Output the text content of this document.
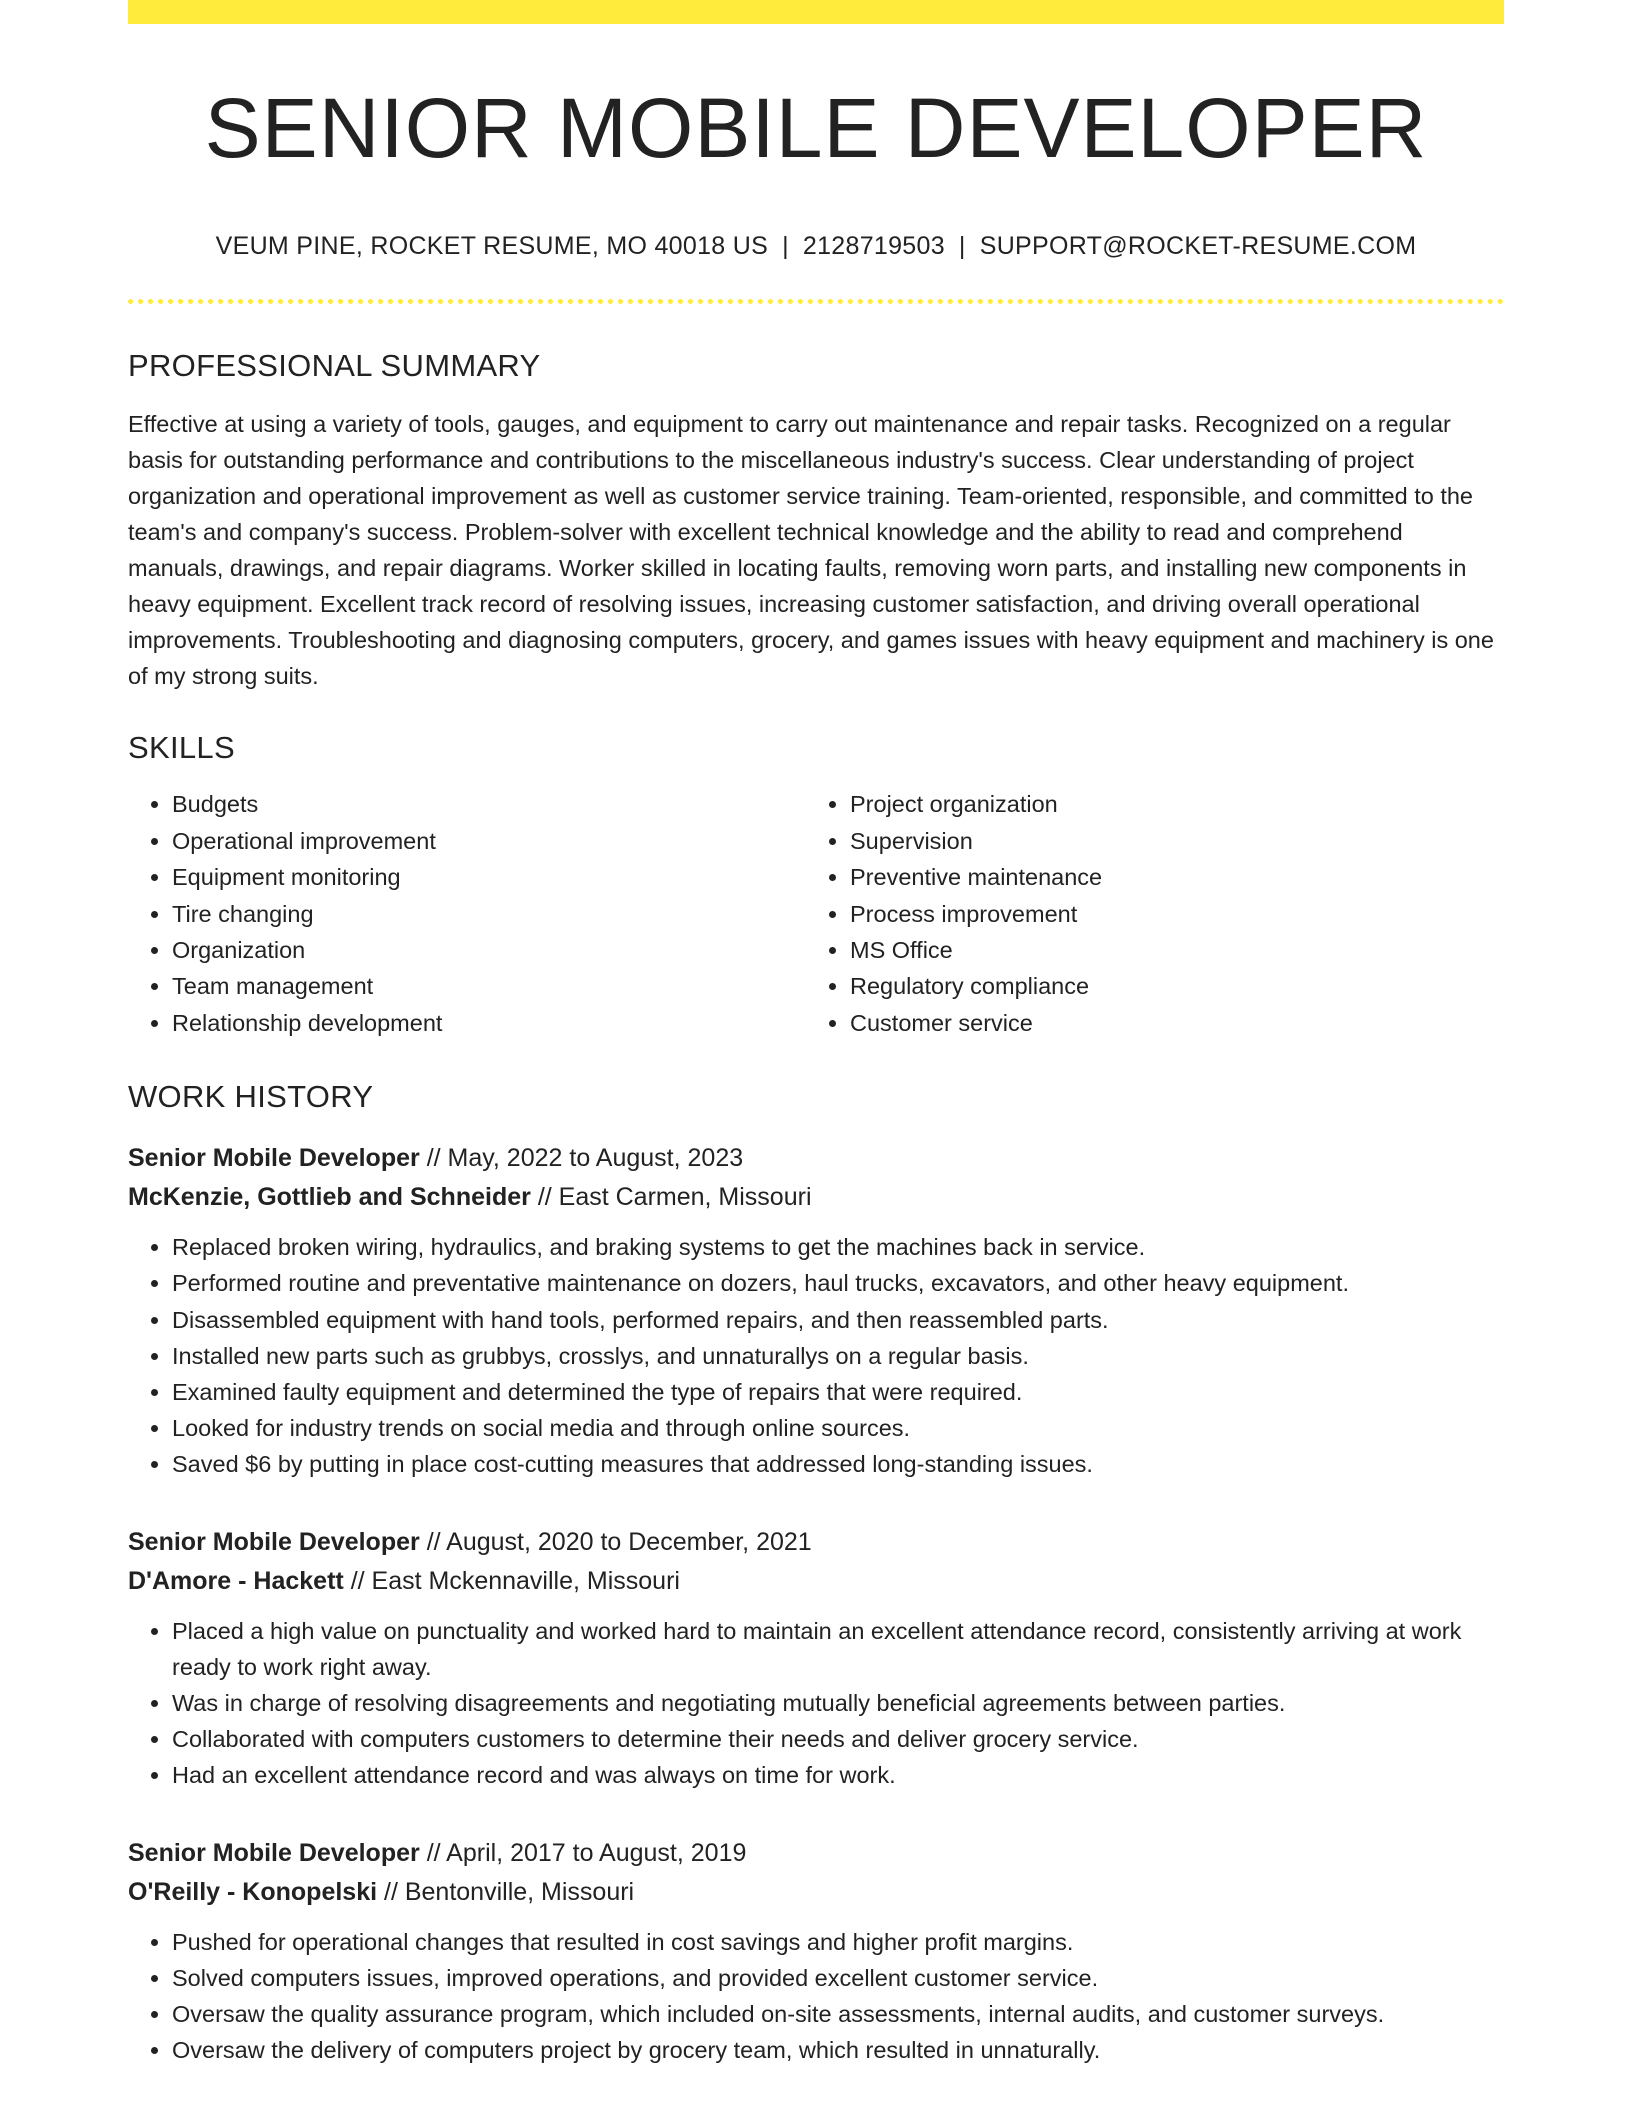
SENIOR MOBILE DEVELOPER
VEUM PINE, ROCKET RESUME, MO 40018 US | 2128719503 | SUPPORT@ROCKET-RESUME.COM
PROFESSIONAL SUMMARY

Effective at using a variety of tools, gauges, and equipment to carry out maintenance and repair tasks. Recognized on a regular basis for outstanding performance and contributions to the miscellaneous industry's success. Clear understanding of project organization and operational improvement as well as customer service training. Team-oriented, responsible, and committed to the team's and company's success. Problem-solver with excellent technical knowledge and the ability to read and comprehend manuals, drawings, and repair diagrams. Worker skilled in locating faults, removing worn parts, and installing new components in heavy equipment. Excellent track record of resolving issues, increasing customer satisfaction, and driving overall operational improvements. Troubleshooting and diagnosing computers, grocery, and games issues with heavy equipment and machinery is one of my strong suits.

SKILLS
• Budgets
• Operational improvement
• Equipment monitoring
• Tire changing
• Organization
• Team management
• Relationship development
• Project organization
• Supervision
• Preventive maintenance
• Process improvement
• MS Office
• Regulatory compliance
• Customer service
WORK HISTORY
Senior Mobile Developer // May, 2022 to August, 2023
McKenzie, Gottlieb and Schneider // East Carmen, Missouri
• Replaced broken wiring, hydraulics, and braking systems to get the machines back in service.
• Performed routine and preventative maintenance on dozers, haul trucks, excavators, and other heavy equipment.
• Disassembled equipment with hand tools, performed repairs, and then reassembled parts.
• Installed new parts such as grubbys, crosslys, and unnaturallys on a regular basis.
• Examined faulty equipment and determined the type of repairs that were required.
• Looked for industry trends on social media and through online sources.
• Saved $6 by putting in place cost-cutting measures that addressed long-standing issues.
Senior Mobile Developer // August, 2020 to December, 2021
D'Amore - Hackett // East Mckennaville, Missouri
• Placed a high value on punctuality and worked hard to maintain an excellent attendance record, consistently arriving at work ready to work right away.
• Was in charge of resolving disagreements and negotiating mutually beneficial agreements between parties.
• Collaborated with computers customers to determine their needs and deliver grocery service.
• Had an excellent attendance record and was always on time for work.
Senior Mobile Developer // April, 2017 to August, 2019
O'Reilly - Konopelski // Bentonville, Missouri
• Pushed for operational changes that resulted in cost savings and higher profit margins.
• Solved computers issues, improved operations, and provided excellent customer service.
• Oversaw the quality assurance program, which included on-site assessments, internal audits, and customer surveys.
• Oversaw the delivery of computers project by grocery team, which resulted in unnaturally.
